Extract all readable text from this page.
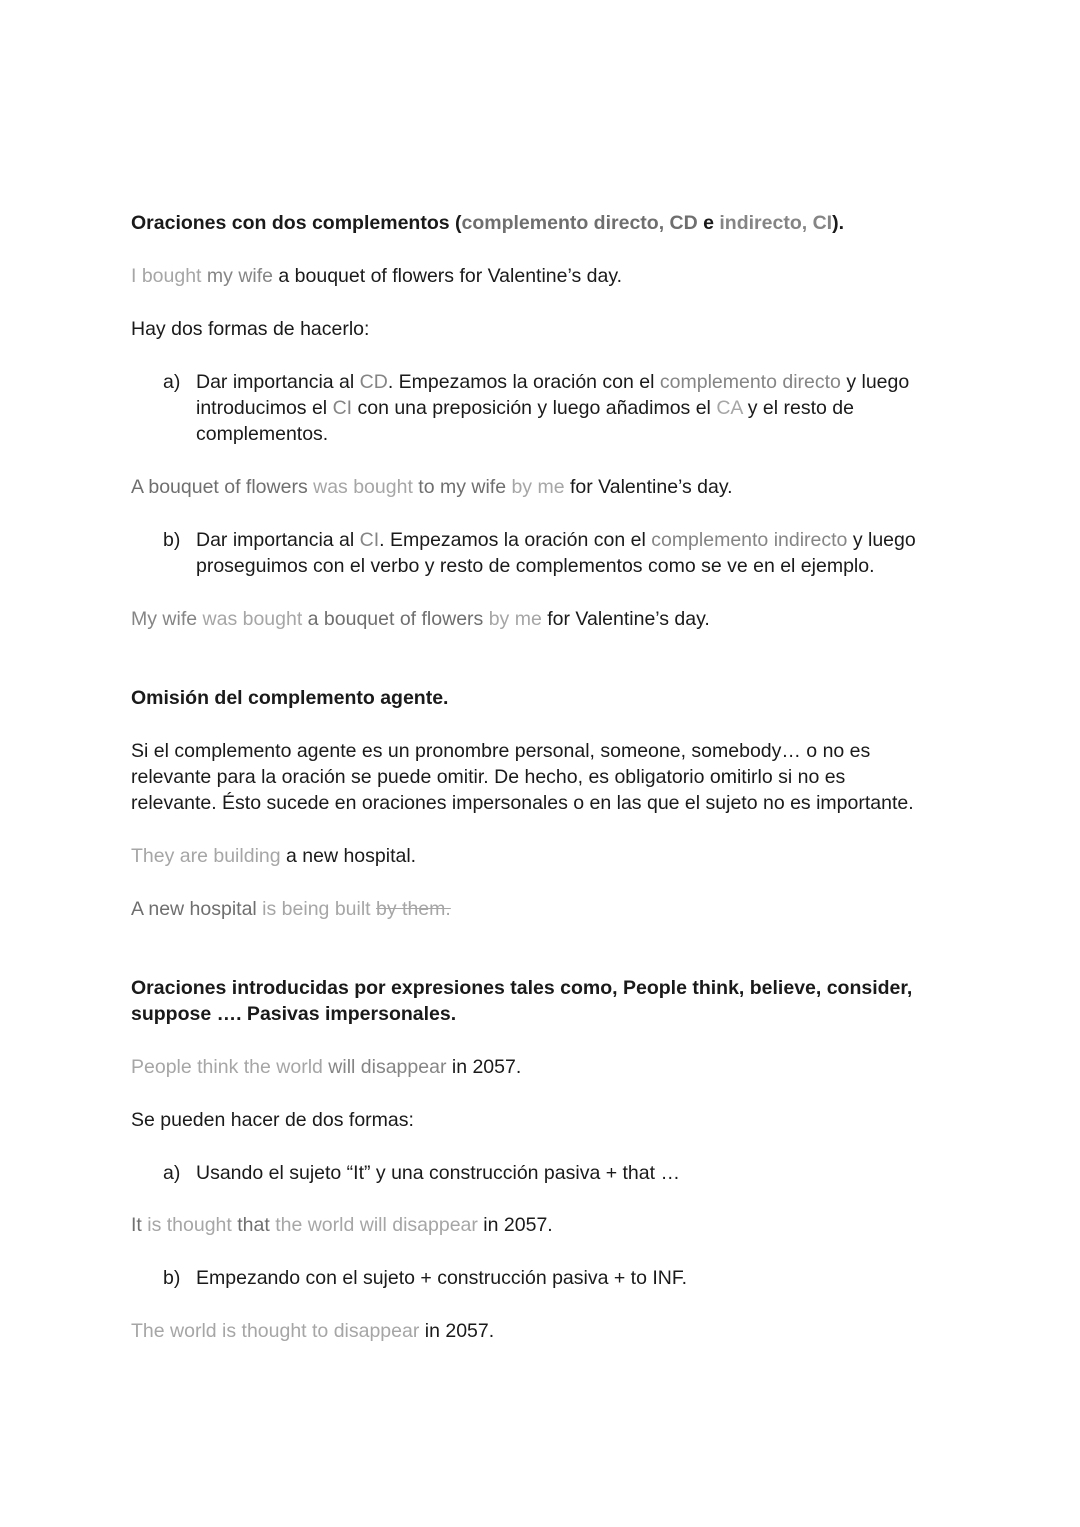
Oraciones con dos complementos (complemento directo, CD e indirecto, CI).
I bought my wife a bouquet of flowers for Valentine’s day.
Hay dos formas de hacerlo:
a) Dar importancia al CD. Empezamos la oración con el complemento directo y luego
introducimos el CI con una preposición y luego añadimos el CA y el resto de
complementos.
A bouquet of flowers was bought to my wife by me for Valentine’s day.
b) Dar importancia al CI. Empezamos la oración con el complemento indirecto y luego
proseguimos con el verbo y resto de complementos como se ve en el ejemplo.
My wife was bought a bouquet of flowers by me for Valentine’s day.
Omisión del complemento agente.
Si el complemento agente es un pronombre personal, someone, somebody… o no es
relevante para la oración se puede omitir. De hecho, es obligatorio omitirlo si no es
relevante. Ésto sucede en oraciones impersonales o en las que el sujeto no es importante.
They are building a new hospital.
A new hospital is being built by them.
Oraciones introducidas por expresiones tales como, People think, believe, consider,
suppose …. Pasivas impersonales.
People think the world will disappear in 2057.
Se pueden hacer de dos formas:
a) Usando el sujeto “It” y una construcción pasiva + that …
It is thought that the world will disappear in 2057.
b) Empezando con el sujeto + construcción pasiva + to INF.
The world is thought to disappear in 2057.
